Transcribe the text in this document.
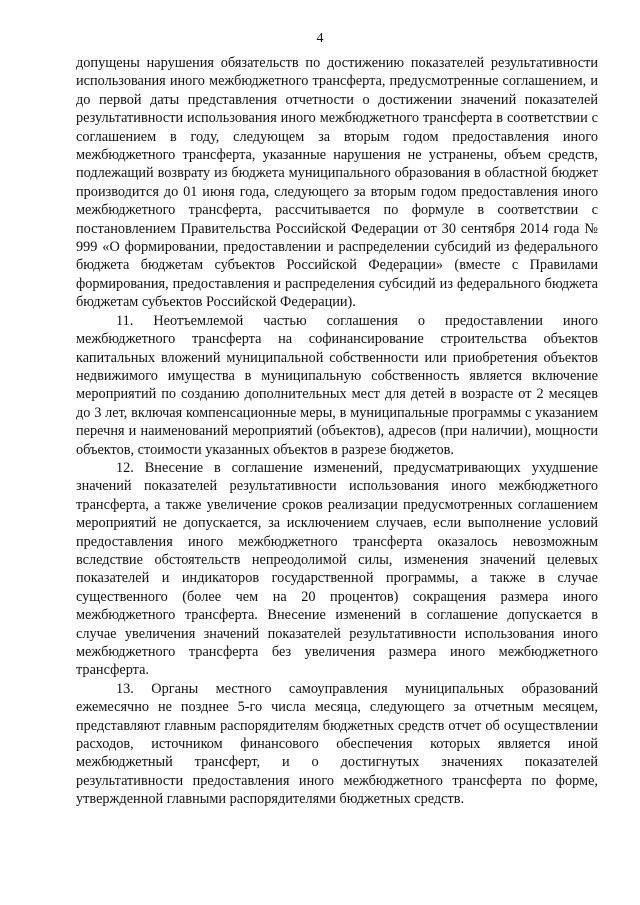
4

допущены нарушения обязательств по достижению показателей результативности использования иного межбюджетного трансферта, предусмотренные соглашением, и до первой даты представления отчетности о достижении значений показателей результативности использования иного межбюджетного трансферта в соответствии с соглашением в году, следующем за вторым годом предоставления иного межбюджетного трансферта, указанные нарушения не устранены, объем средств, подлежащий возврату из бюджета муниципального образования в областной бюджет производится до 01 июня года, следующего за вторым годом предоставления иного межбюджетного трансферта, рассчитывается по формуле в соответствии с постановлением Правительства Российской Федерации от 30 сентября 2014 года № 999 «О формировании, предоставлении и распределении субсидий из федерального бюджета бюджетам субъектов Российской Федерации» (вместе с Правилами формирования, предоставления и распределения субсидий из федерального бюджета бюджетам субъектов Российской Федерации).

11. Неотъемлемой частью соглашения о предоставлении иного межбюджетного трансферта на софинансирование строительства объектов капитальных вложений муниципальной собственности или приобретения объектов недвижимого имущества в муниципальную собственность является включение мероприятий по созданию дополнительных мест для детей в возрасте от 2 месяцев до 3 лет, включая компенсационные меры, в муниципальные программы с указанием перечня и наименований мероприятий (объектов), адресов (при наличии), мощности объектов, стоимости указанных объектов в разрезе бюджетов.

12. Внесение в соглашение изменений, предусматривающих ухудшение значений показателей результативности использования иного межбюджетного трансферта, а также увеличение сроков реализации предусмотренных соглашением мероприятий не допускается, за исключением случаев, если выполнение условий предоставления иного межбюджетного трансферта оказалось невозможным вследствие обстоятельств непреодолимой силы, изменения значений целевых показателей и индикаторов государственной программы, а также в случае существенного (более чем на 20 процентов) сокращения размера иного межбюджетного трансферта. Внесение изменений в соглашение допускается в случае увеличения значений показателей результативности использования иного межбюджетного трансферта без увеличения размера иного межбюджетного трансферта.

13. Органы местного самоуправления муниципальных образований ежемесячно не позднее 5-го числа месяца, следующего за отчетным месяцем, представляют главным распорядителям бюджетных средств отчет об осуществлении расходов, источником финансового обеспечения которых является иной межбюджетный трансферт, и о достигнутых значениях показателей результативности предоставления иного межбюджетного трансферта по форме, утвержденной главными распорядителями бюджетных средств.
